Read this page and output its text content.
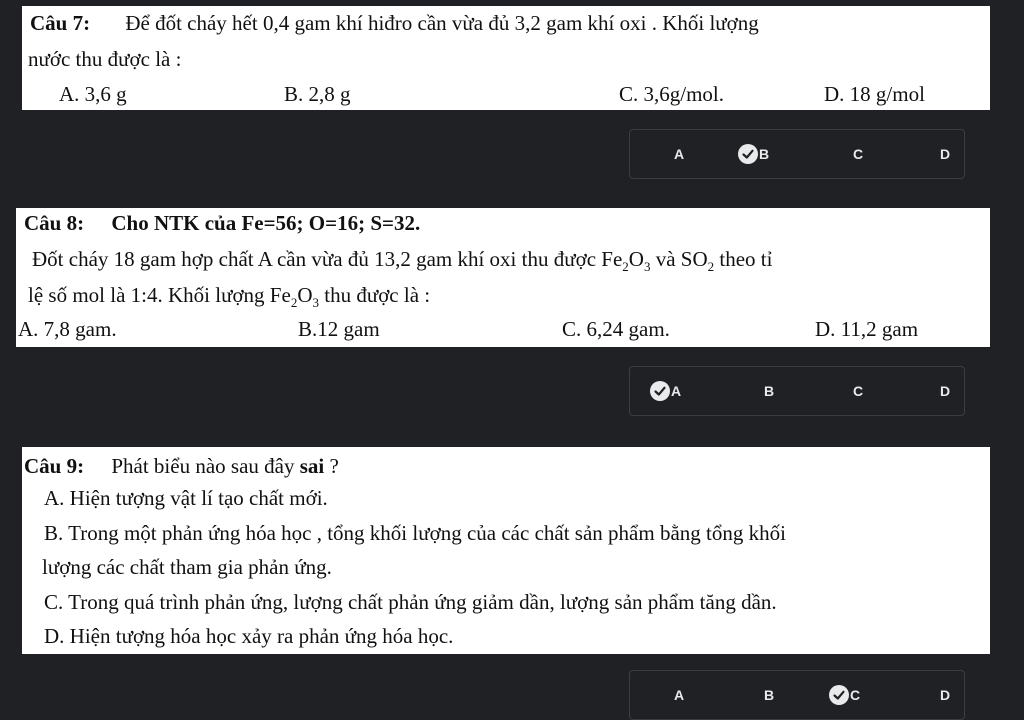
Câu 7: Để đốt cháy hết 0,4 gam khí hiđro cần vừa đủ 3,2 gam khí oxi . Khối lượng
nước thu được là :
A. 3,6 g	B. 2,8 g	C. 3,6g/mol.	D. 18 g/mol
A	B	C	D
Câu 8: Cho NTK của Fe=56; O=16; S=32.
Đốt cháy 18 gam hợp chất A cần vừa đủ 13,2 gam khí oxi thu được $Fe_2O_3$ và $SO_2$ theo tỉ
lệ số mol là 1:4. Khối lượng $Fe_2O_3$ thu được là :
A. 7,8 gam.	B.12 gam	C. 6,24 gam.	D. 11,2 gam
A	B	C	D
Câu 9: Phát biểu nào sau đây sai ?
A. Hiện tượng vật lí tạo chất mới.
B. Trong một phản ứng hóa học , tổng khối lượng của các chất sản phẩm bằng tổng khối
lượng các chất tham gia phản ứng.
C. Trong quá trình phản ứng, lượng chất phản ứng giảm dần, lượng sản phẩm tăng dần.
D. Hiện tượng hóa học xảy ra phản ứng hóa học.
A	B	C	D
